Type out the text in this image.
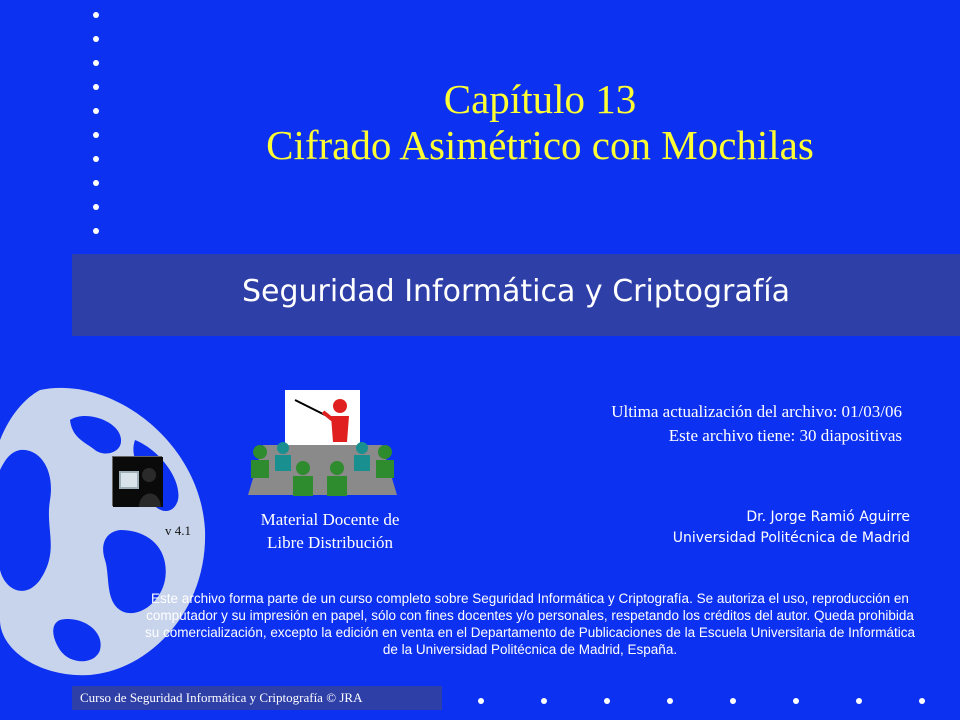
Capítulo 13
Cifrado Asimétrico con Mochilas
Seguridad Informática y Criptografía
v 4.1
Material Docente de
Libre Distribución
Ultima actualización del archivo: 01/03/06
Este archivo tiene: 30 diapositivas
Dr. Jorge Ramió Aguirre
Universidad Politécnica de Madrid
Este archivo forma parte de un curso completo sobre Seguridad Informática y Criptografía. Se autoriza el uso, reproducción en computador y su impresión en papel, sólo con fines docentes y/o personales, respetando los créditos del autor. Queda prohibida su comercialización, excepto la edición en venta en el Departamento de Publicaciones de la Escuela Universitaria de Informática de la Universidad Politécnica de Madrid, España.
Curso de Seguridad Informática y Criptografía © JRA
